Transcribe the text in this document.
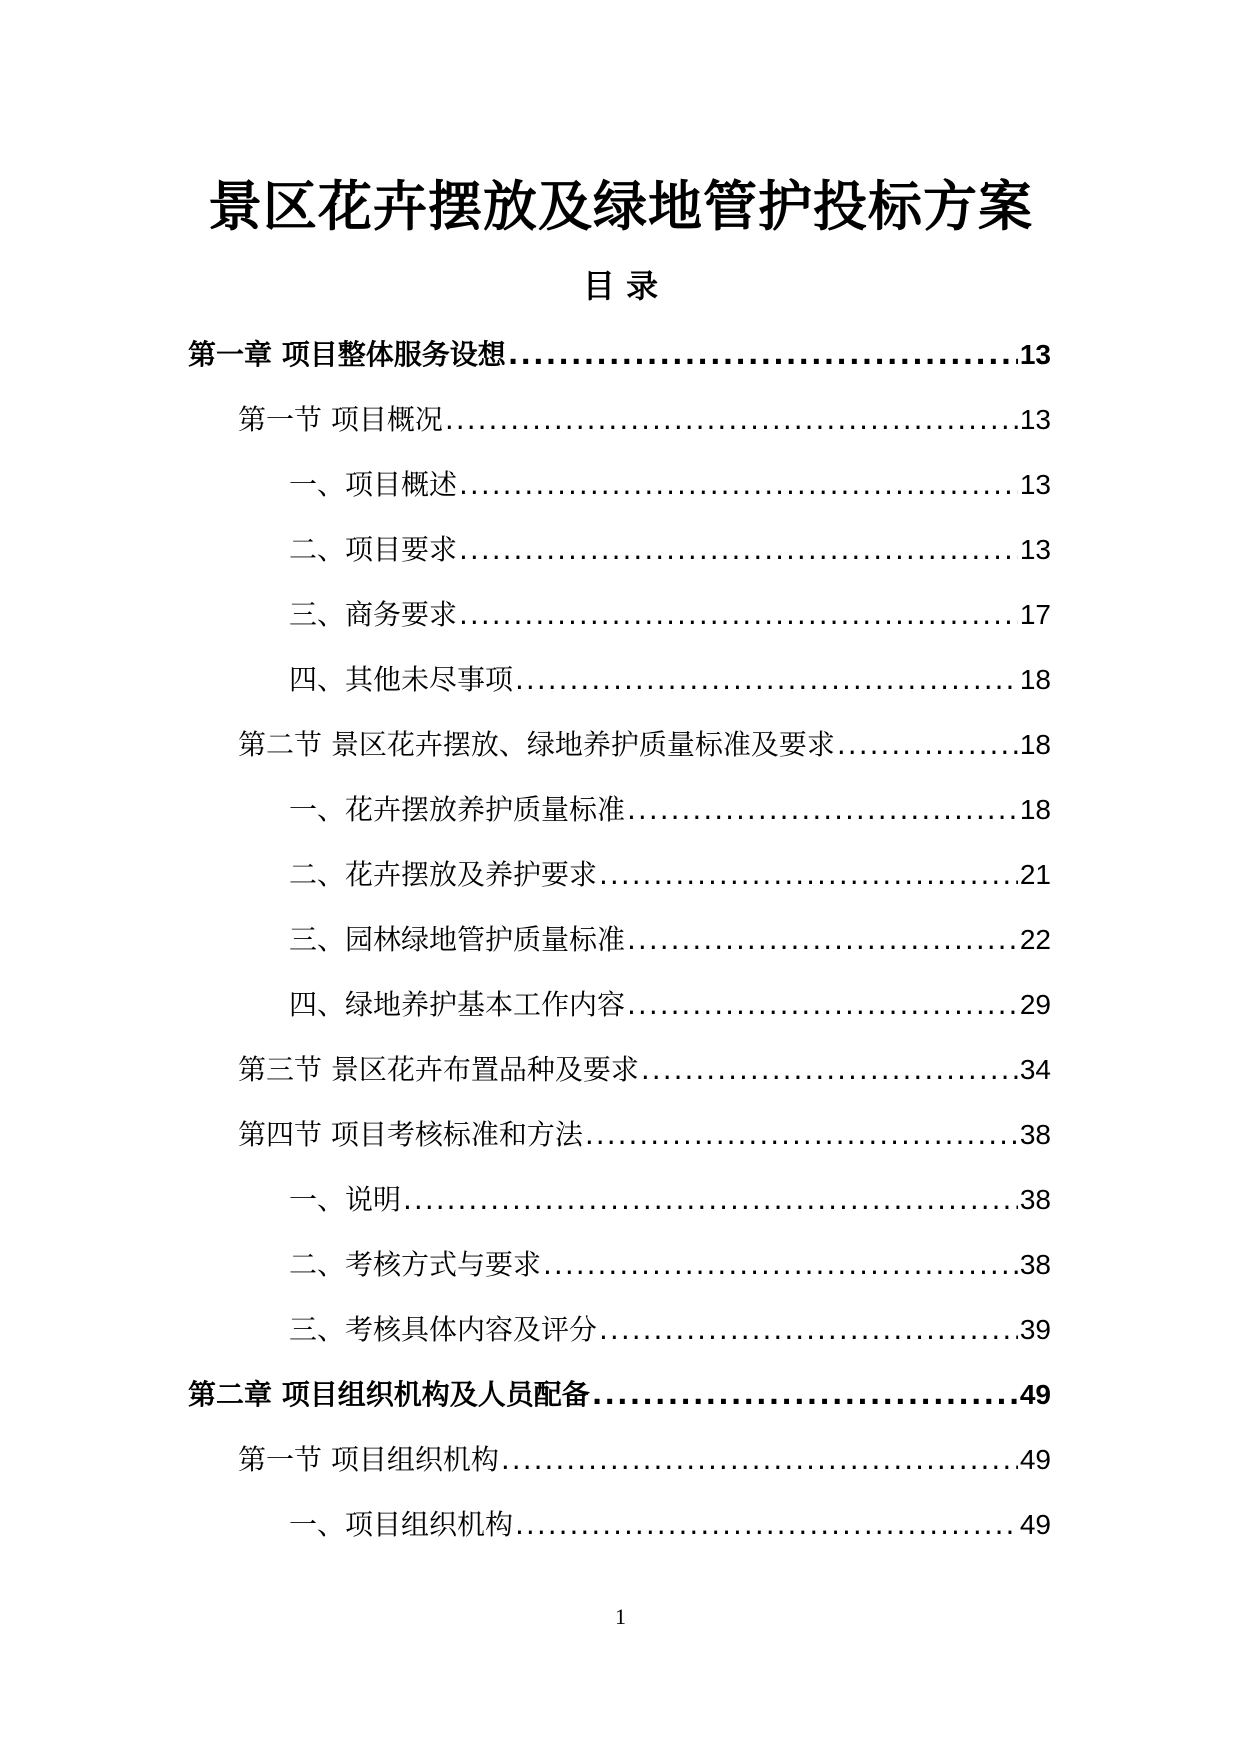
景区花卉摆放及绿地管护投标方案
目 录
第一章 项目整体服务设想 .....	13
第一节 项目概况 .....	13
一、项目概述 .....	13
二、项目要求 .....	13
三、商务要求 .....	17
四、其他未尽事项 .....	18
第二节 景区花卉摆放、绿地养护质量标准及要求 .....	18
一、花卉摆放养护质量标准 .....	18
二、花卉摆放及养护要求 .....	21
三、园林绿地管护质量标准 .....	22
四、绿地养护基本工作内容 .....	29
第三节 景区花卉布置品种及要求 .....	34
第四节 项目考核标准和方法 .....	38
一、说明 .....	38
二、考核方式与要求 .....	38
三、考核具体内容及评分 .....	39
第二章 项目组织机构及人员配备 .....	49
第一节 项目组织机构 .....	49
一、项目组织机构 .....	49
1
